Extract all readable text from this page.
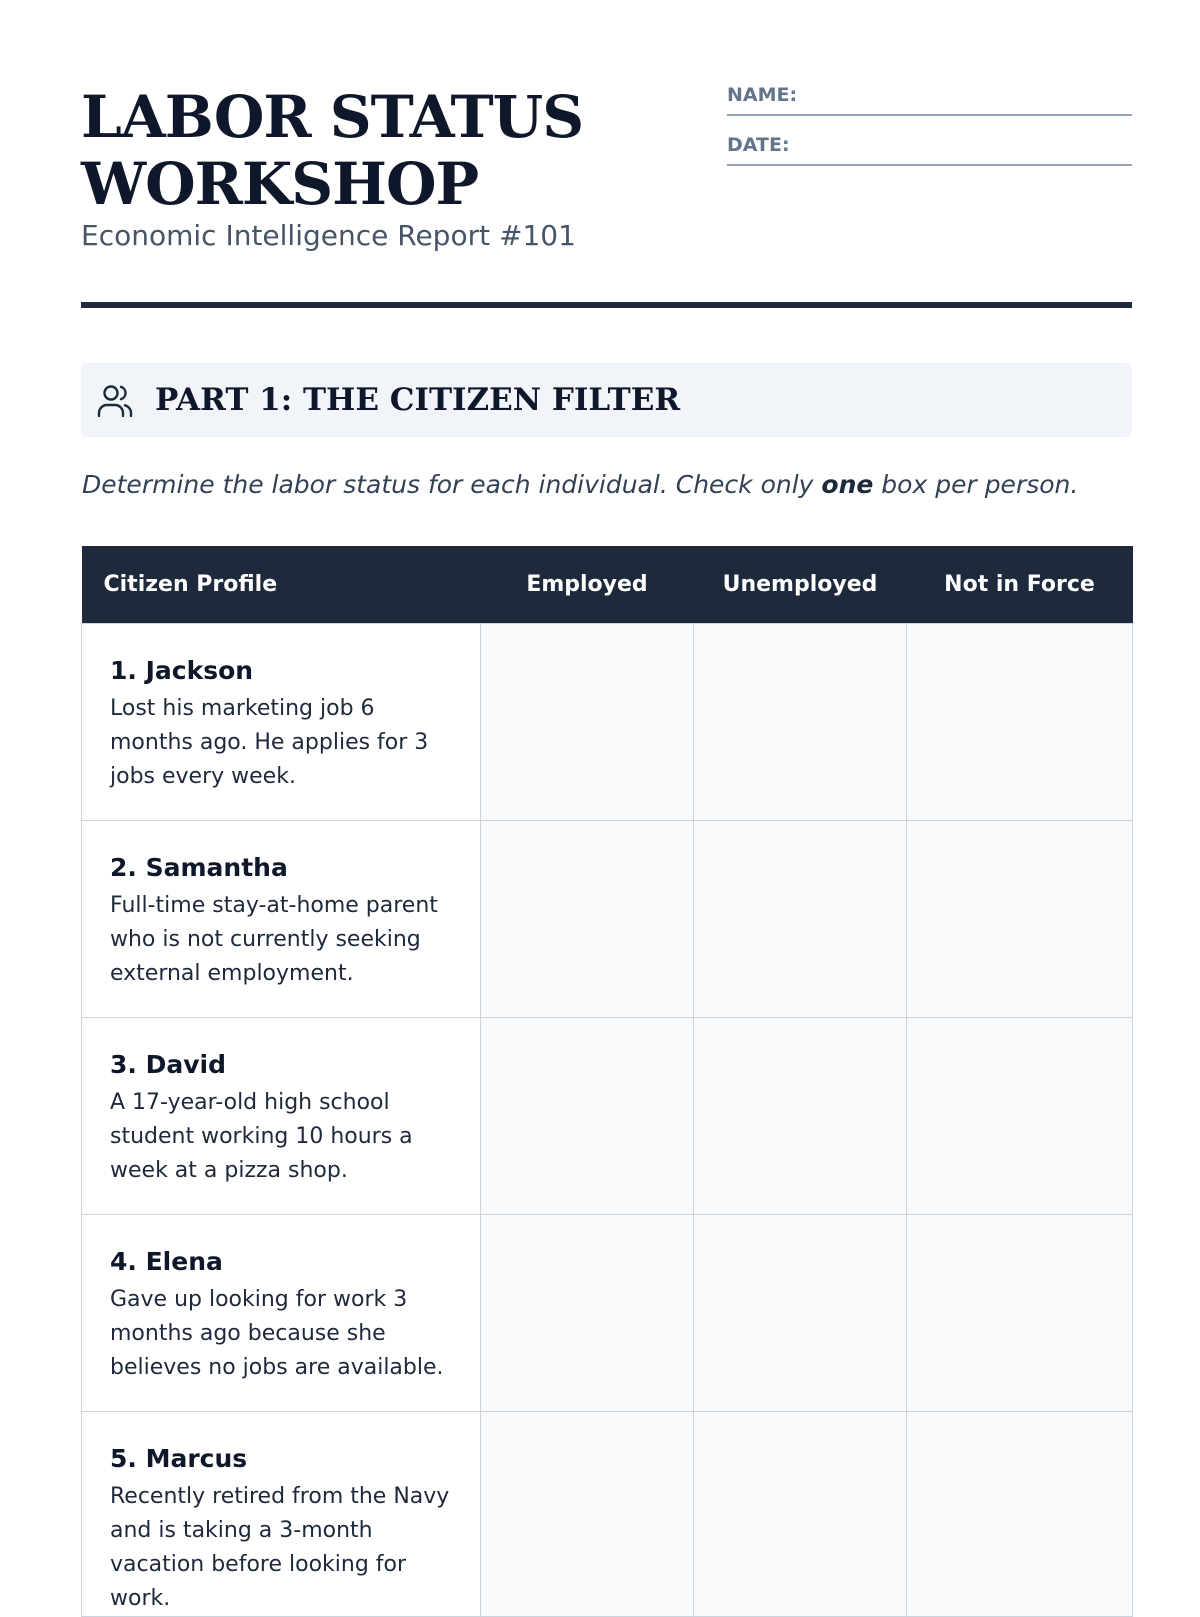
LABOR STATUS WORKSHOP

Economic Intelligence Report #101

NAME:
DATE:
PART 1: THE CITIZEN FILTER

Determine the labor status for each individual. Check only one box per person.

Citizen Profile	Employed	Unemployed	Not in Force

1. Jackson
Lost his marketing job 6 months ago. He applies for 3 jobs every week.			

2. Samantha
Full-time stay-at-home parent who is not currently seeking external employment.			

3. David
A 17-year-old high school student working 10 hours a week at a pizza shop.			

4. Elena
Gave up looking for work 3 months ago because she believes no jobs are available.			

5. Marcus
Recently retired from the Navy and is taking a 3-month vacation before looking for work.			
